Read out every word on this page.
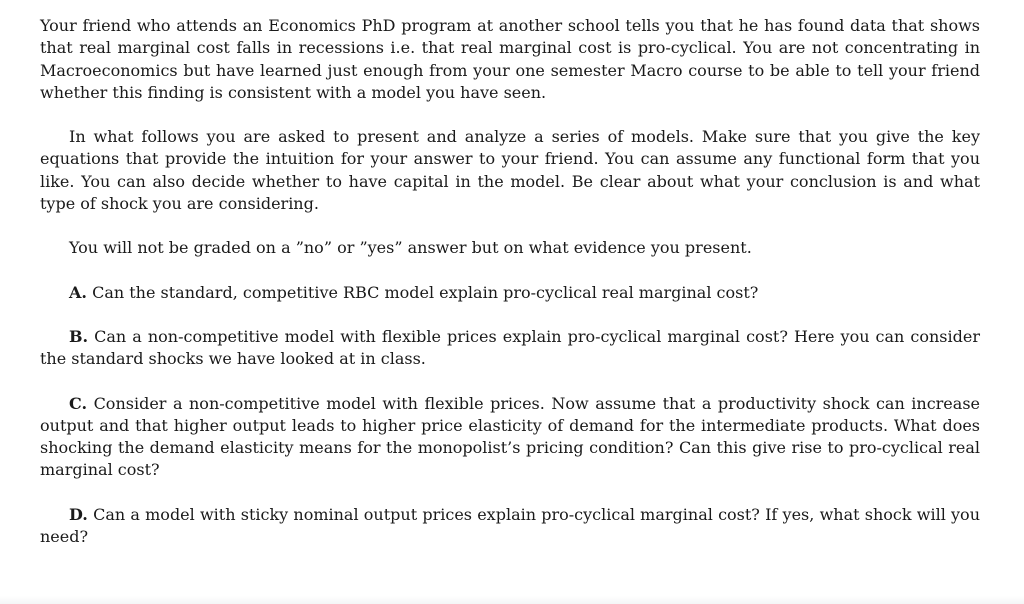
Your friend who attends an Economics PhD program at another school tells you that he has found data that shows that real marginal cost falls in recessions i.e. that real marginal cost is pro-cyclical. You are not concentrating in Macroeconomics but have learned just enough from your one semester Macro course to be able to tell your friend whether this finding is consistent with a model you have seen.

In what follows you are asked to present and analyze a series of models. Make sure that you give the key equations that provide the intuition for your answer to your friend. You can assume any functional form that you like. You can also decide whether to have capital in the model. Be clear about what your conclusion is and what type of shock you are considering.

You will not be graded on a ”no” or ”yes” answer but on what evidence you present.

A. Can the standard, competitive RBC model explain pro-cyclical real marginal cost?

B. Can a non-competitive model with flexible prices explain pro-cyclical marginal cost? Here you can consider the standard shocks we have looked at in class.

C. Consider a non-competitive model with flexible prices. Now assume that a productivity shock can increase output and that higher output leads to higher price elasticity of demand for the intermediate products. What does shocking the demand elasticity means for the monopolist’s pricing condition? Can this give rise to pro-cyclical real marginal cost?

D. Can a model with sticky nominal output prices explain pro-cyclical marginal cost? If yes, what shock will you need?
